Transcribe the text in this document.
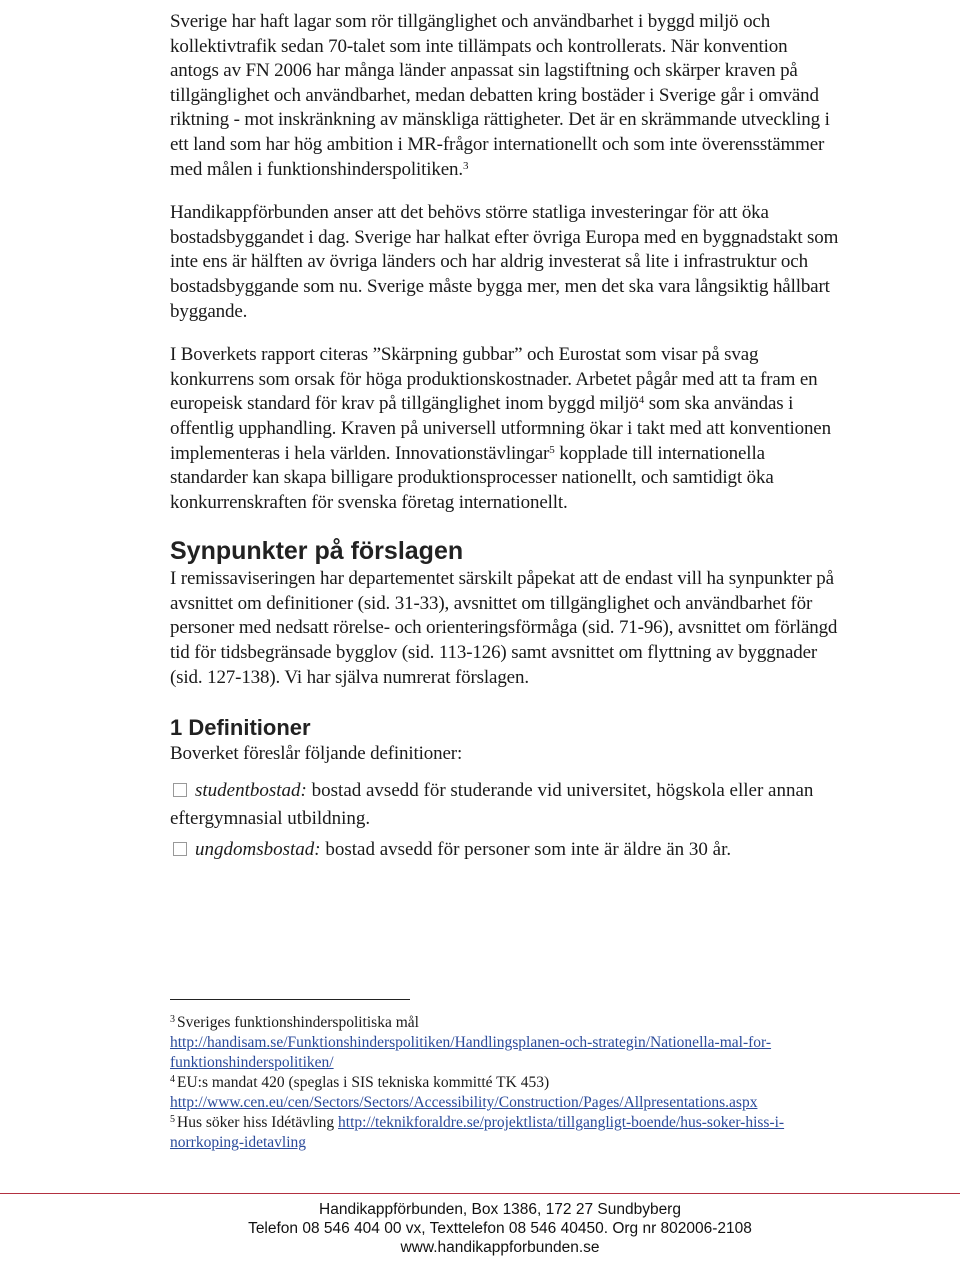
Sverige har haft lagar som rör tillgänglighet och användbarhet i byggd miljö och kollektivtrafik sedan 70-talet som inte tillämpats och kontrollerats. När konvention antogs av FN 2006 har många länder anpassat sin lagstiftning och skärper kraven på tillgänglighet och användbarhet, medan debatten kring bostäder i Sverige går i omvänd riktning - mot inskränkning av mänskliga rättigheter. Det är en skrämmande utveckling i ett land som har hög ambition i MR-frågor internationellt och som inte överensstämmer med målen i funktionshinderspolitiken.$^3$

Handikappförbunden anser att det behövs större statliga investeringar för att öka bostadsbyggandet i dag. Sverige har halkat efter övriga Europa med en byggnadstakt som inte ens är hälften av övriga länders och har aldrig investerat så lite i infrastruktur och bostadsbyggande som nu. Sverige måste bygga mer, men det ska vara långsiktig hållbart byggande.

I Boverkets rapport citeras ”Skärpning gubbar” och Eurostat som visar på svag konkurrens som orsak för höga produktionskostnader. Arbetet pågår med att ta fram en europeisk standard för krav på tillgänglighet inom byggd miljö$^4$ som ska användas i offentlig upphandling. Kraven på universell utformning ökar i takt med att konventionen implementeras i hela världen. Innovationstävlingar$^5$ kopplade till internationella standarder kan skapa billigare produktionsprocesser nationellt, och samtidigt öka konkurrenskraften för svenska företag internationellt.

Synpunkter på förslagen

I remissaviseringen har departementet särskilt påpekat att de endast vill ha synpunkter på avsnittet om definitioner (sid. 31-33), avsnittet om tillgänglighet och användbarhet för personer med nedsatt rörelse- och orienteringsförmåga (sid. 71-96), avsnittet om förlängd tid för tidsbegränsade bygglov (sid. 113-126) samt avsnittet om flyttning av byggnader (sid. 127-138). Vi har själva numrerat förslagen.

1 Definitioner

Boverket föreslår följande definitioner:

studentbostad: bostad avsedd för studerande vid universitet, högskola eller annan eftergymnasial utbildning.

ungdomsbostad: bostad avsedd för personer som inte är äldre än 30 år.

$^3$ Sveriges funktionshinderspolitiska mål
http://handisam.se/Funktionshinderspolitiken/Handlingsplanen-och-strategin/Nationella-mal-for-funktionshinderspolitiken/

$^4$ EU:s mandat 420 (speglas i SIS tekniska kommitté TK 453)
http://www.cen.eu/cen/Sectors/Sectors/Accessibility/Construction/Pages/Allpresentations.aspx

$^5$ Hus söker hiss Idétävling http://teknikforaldre.se/projektlista/tillgangligt-boende/hus-soker-hiss-i-norrkoping-idetavling

Handikappförbunden, Box 1386, 172 27 Sundbyberg
Telefon 08 546 404 00 vx, Texttelefon 08 546 40450. Org nr 802006-2108
www.handikappforbunden.se
